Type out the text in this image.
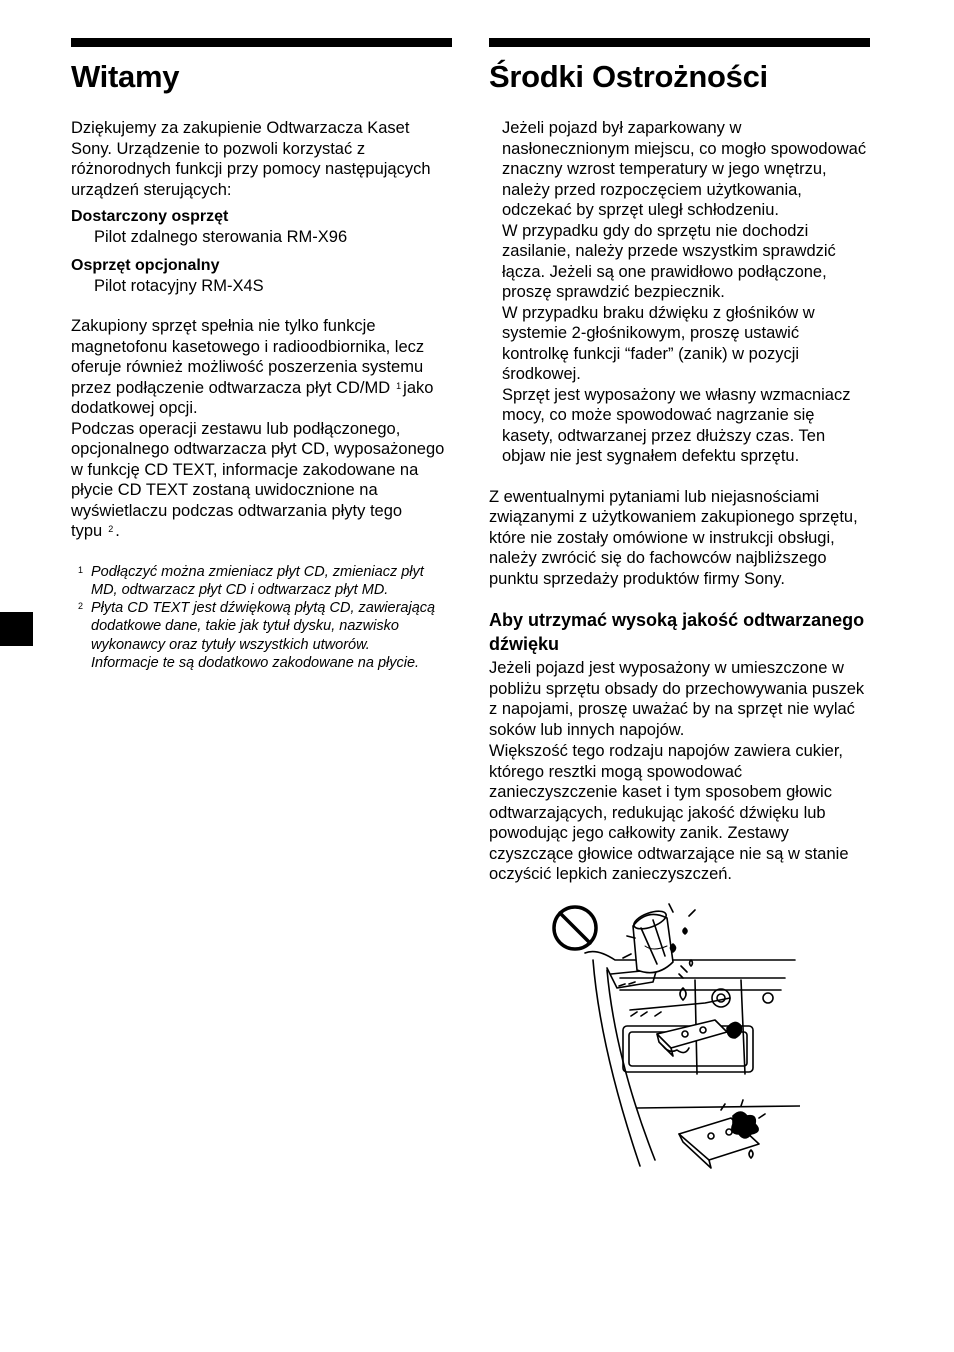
Witamy

Dziękujemy za zakupienie Odtwarzacza Kaset Sony. Urządzenie to pozwoli korzystać z różnorodnych funkcji przy pomocy następujących urządzeń sterujących:

Dostarczony osprzęt

Pilot zdalnego sterowania RM-X96

Osprzęt opcjonalny

Pilot rotacyjny RM-X4S

Zakupiony sprzęt spełnia nie tylko funkcje magnetofonu kasetowego i radioodbiornika, lecz oferuje również możliwość poszerzenia systemu przez podłączenie odtwarzacza płyt CD/MD $^1$ jako dodatkowej opcji.

Podczas operacji zestawu lub podłączonego, opcjonalnego odtwarzacza płyt CD, wyposażonego w funkcję CD TEXT, informacje zakodowane na płycie CD TEXT zostaną uwidocznione na wyświetlaczu podczas odtwarzania płyty tego typu $^2$ .

1 Podłączyć można zmieniacz płyt CD, zmieniacz płyt MD, odtwarzacz płyt CD i odtwarzacz płyt MD.

2 Płyta CD TEXT jest dźwiękową płytą CD, zawierającą dodatkowe dane, takie jak tytuł dysku, nazwisko wykonawcy oraz tytuły wszystkich utworów.
Informacje te są dodatkowo zakodowane na płycie.

Środki Ostrożności

Jeżeli pojazd był zaparkowany w nasłonecznionym miejscu, co mogło spowodować znaczny wzrost temperatury w jego wnętrzu, należy przed rozpoczęciem użytkowania, odczekać by sprzęt uległ schłodzeniu.

W przypadku gdy do sprzętu nie dochodzi zasilanie, należy przede wszystkim sprawdzić łącza. Jeżeli są one prawidłowo podłączone, proszę sprawdzić bezpiecznik.

W przypadku braku dźwięku z głośników w systemie 2-głośnikowym, proszę ustawić kontrolkę funkcji “fader” (zanik) w pozycji środkowej.

Sprzęt jest wyposażony we własny wzmacniacz mocy, co może spowodować nagrzanie się kasety, odtwarzanej przez dłuższy czas. Ten objaw nie jest sygnałem defektu sprzętu.

Z ewentualnymi pytaniami lub niejasnościami związanymi z użytkowaniem zakupionego sprzętu, które nie zostały omówione w instrukcji obsługi, należy zwrócić się do fachowców najbliższego punktu sprzedaży produktów firmy Sony.

Aby utrzymać wysoką jakość odtwarzanego dźwięku

Jeżeli pojazd jest wyposażony w umieszczone w pobliżu sprzętu obsady do przechowywania puszek z napojami, proszę uważać by na sprzęt nie wylać soków lub innych napojów.

Większość tego rodzaju napojów zawiera cukier, którego resztki mogą spowodować zanieczyszczenie kaset i tym sposobem głowic odtwarzających, redukując jakość dźwięku lub powodując jego całkowity zanik. Zestawy czyszczące głowice odtwarzające nie są w stanie oczyścić lepkich zanieczyszczeń.
